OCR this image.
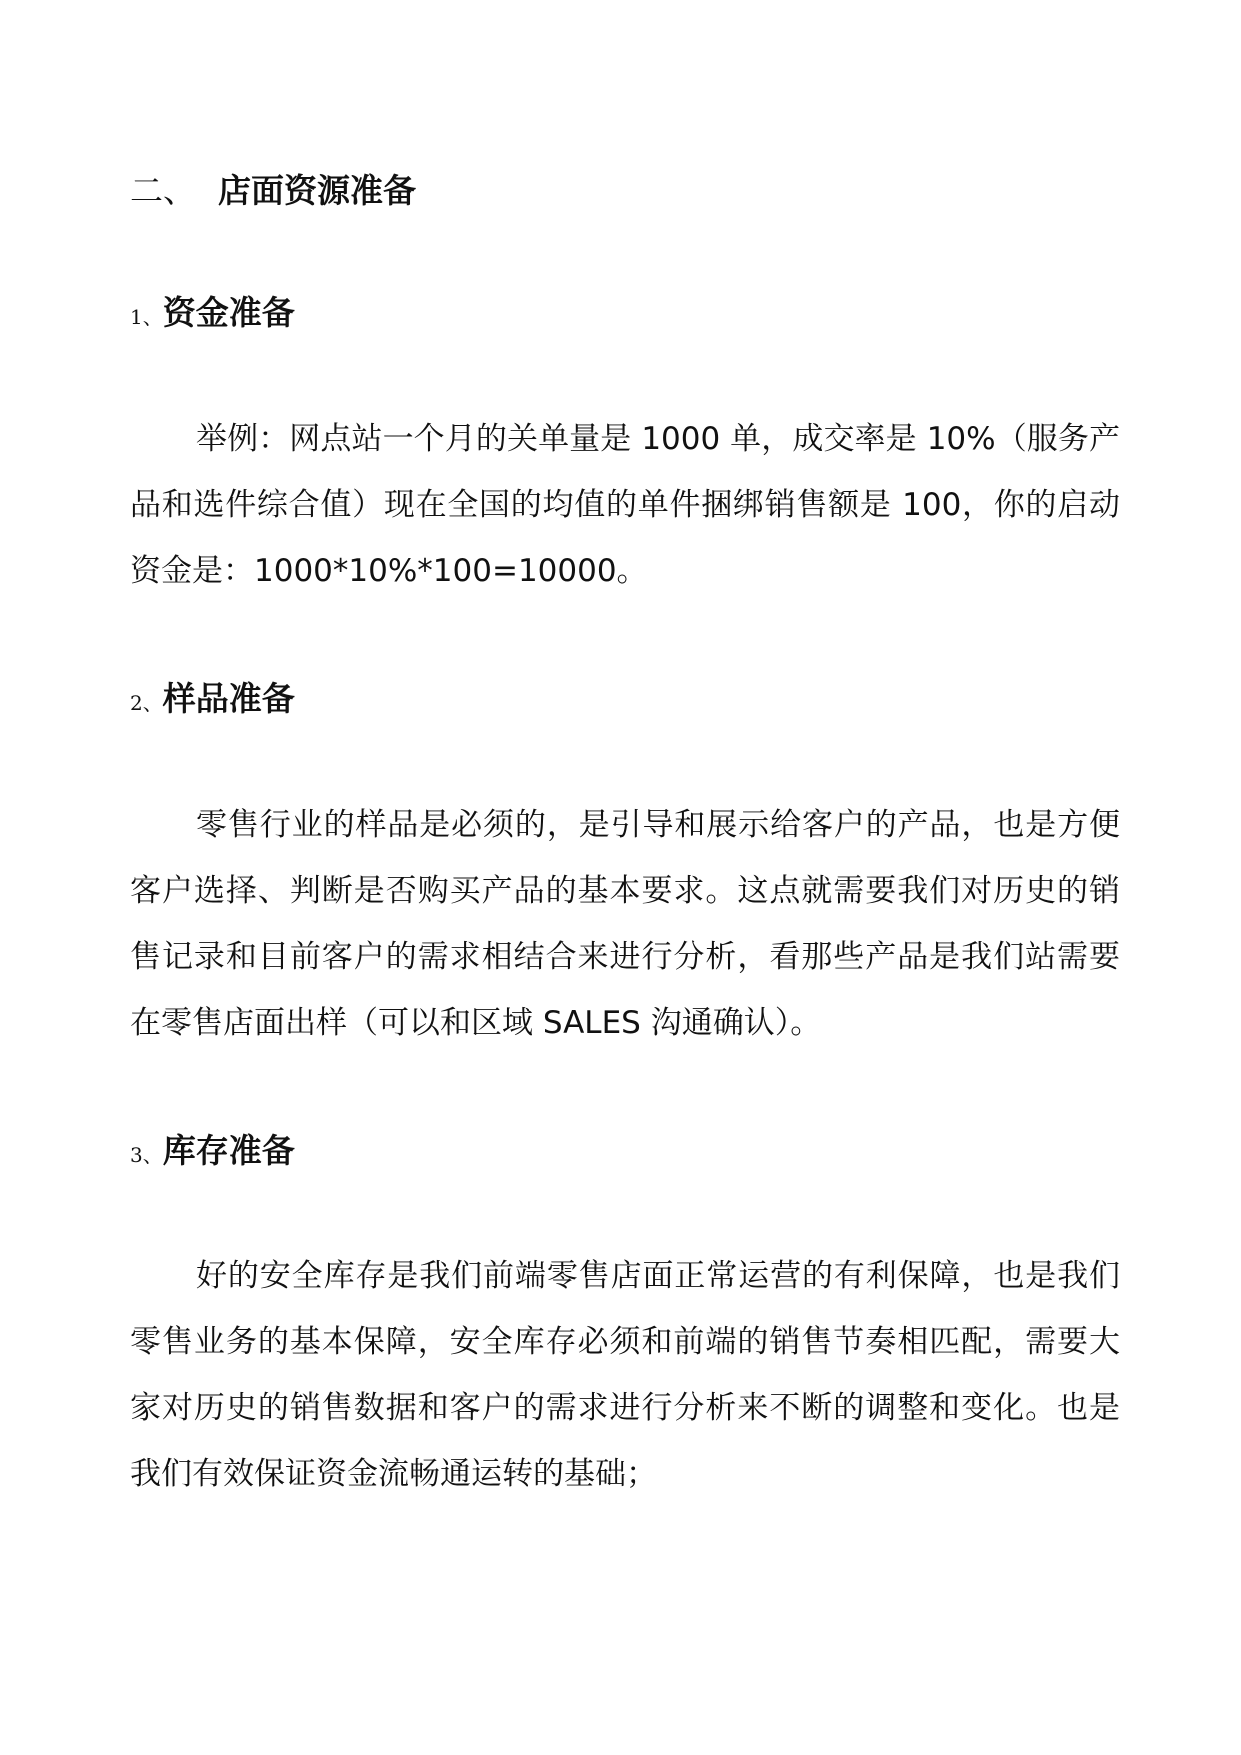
二、 店面资源准备
1、资金准备

举例：网点站一个月的关单量是 1000 单，成交率是 10%（服务产品和选件综合值）现在全国的均值的单件捆绑销售额是 100，你的启动资金是：1000*10%*100=10000。

2、样品准备

零售行业的样品是必须的，是引导和展示给客户的产品，也是方便客户选择、判断是否购买产品的基本要求。这点就需要我们对历史的销售记录和目前客户的需求相结合来进行分析，看那些产品是我们站需要在零售店面出样（可以和区域 SALES 沟通确认）。

3、库存准备

好的安全库存是我们前端零售店面正常运营的有利保障，也是我们零售业务的基本保障，安全库存必须和前端的销售节奏相匹配，需要大家对历史的销售数据和客户的需求进行分析来不断的调整和变化。也是我们有效保证资金流畅通运转的基础；
